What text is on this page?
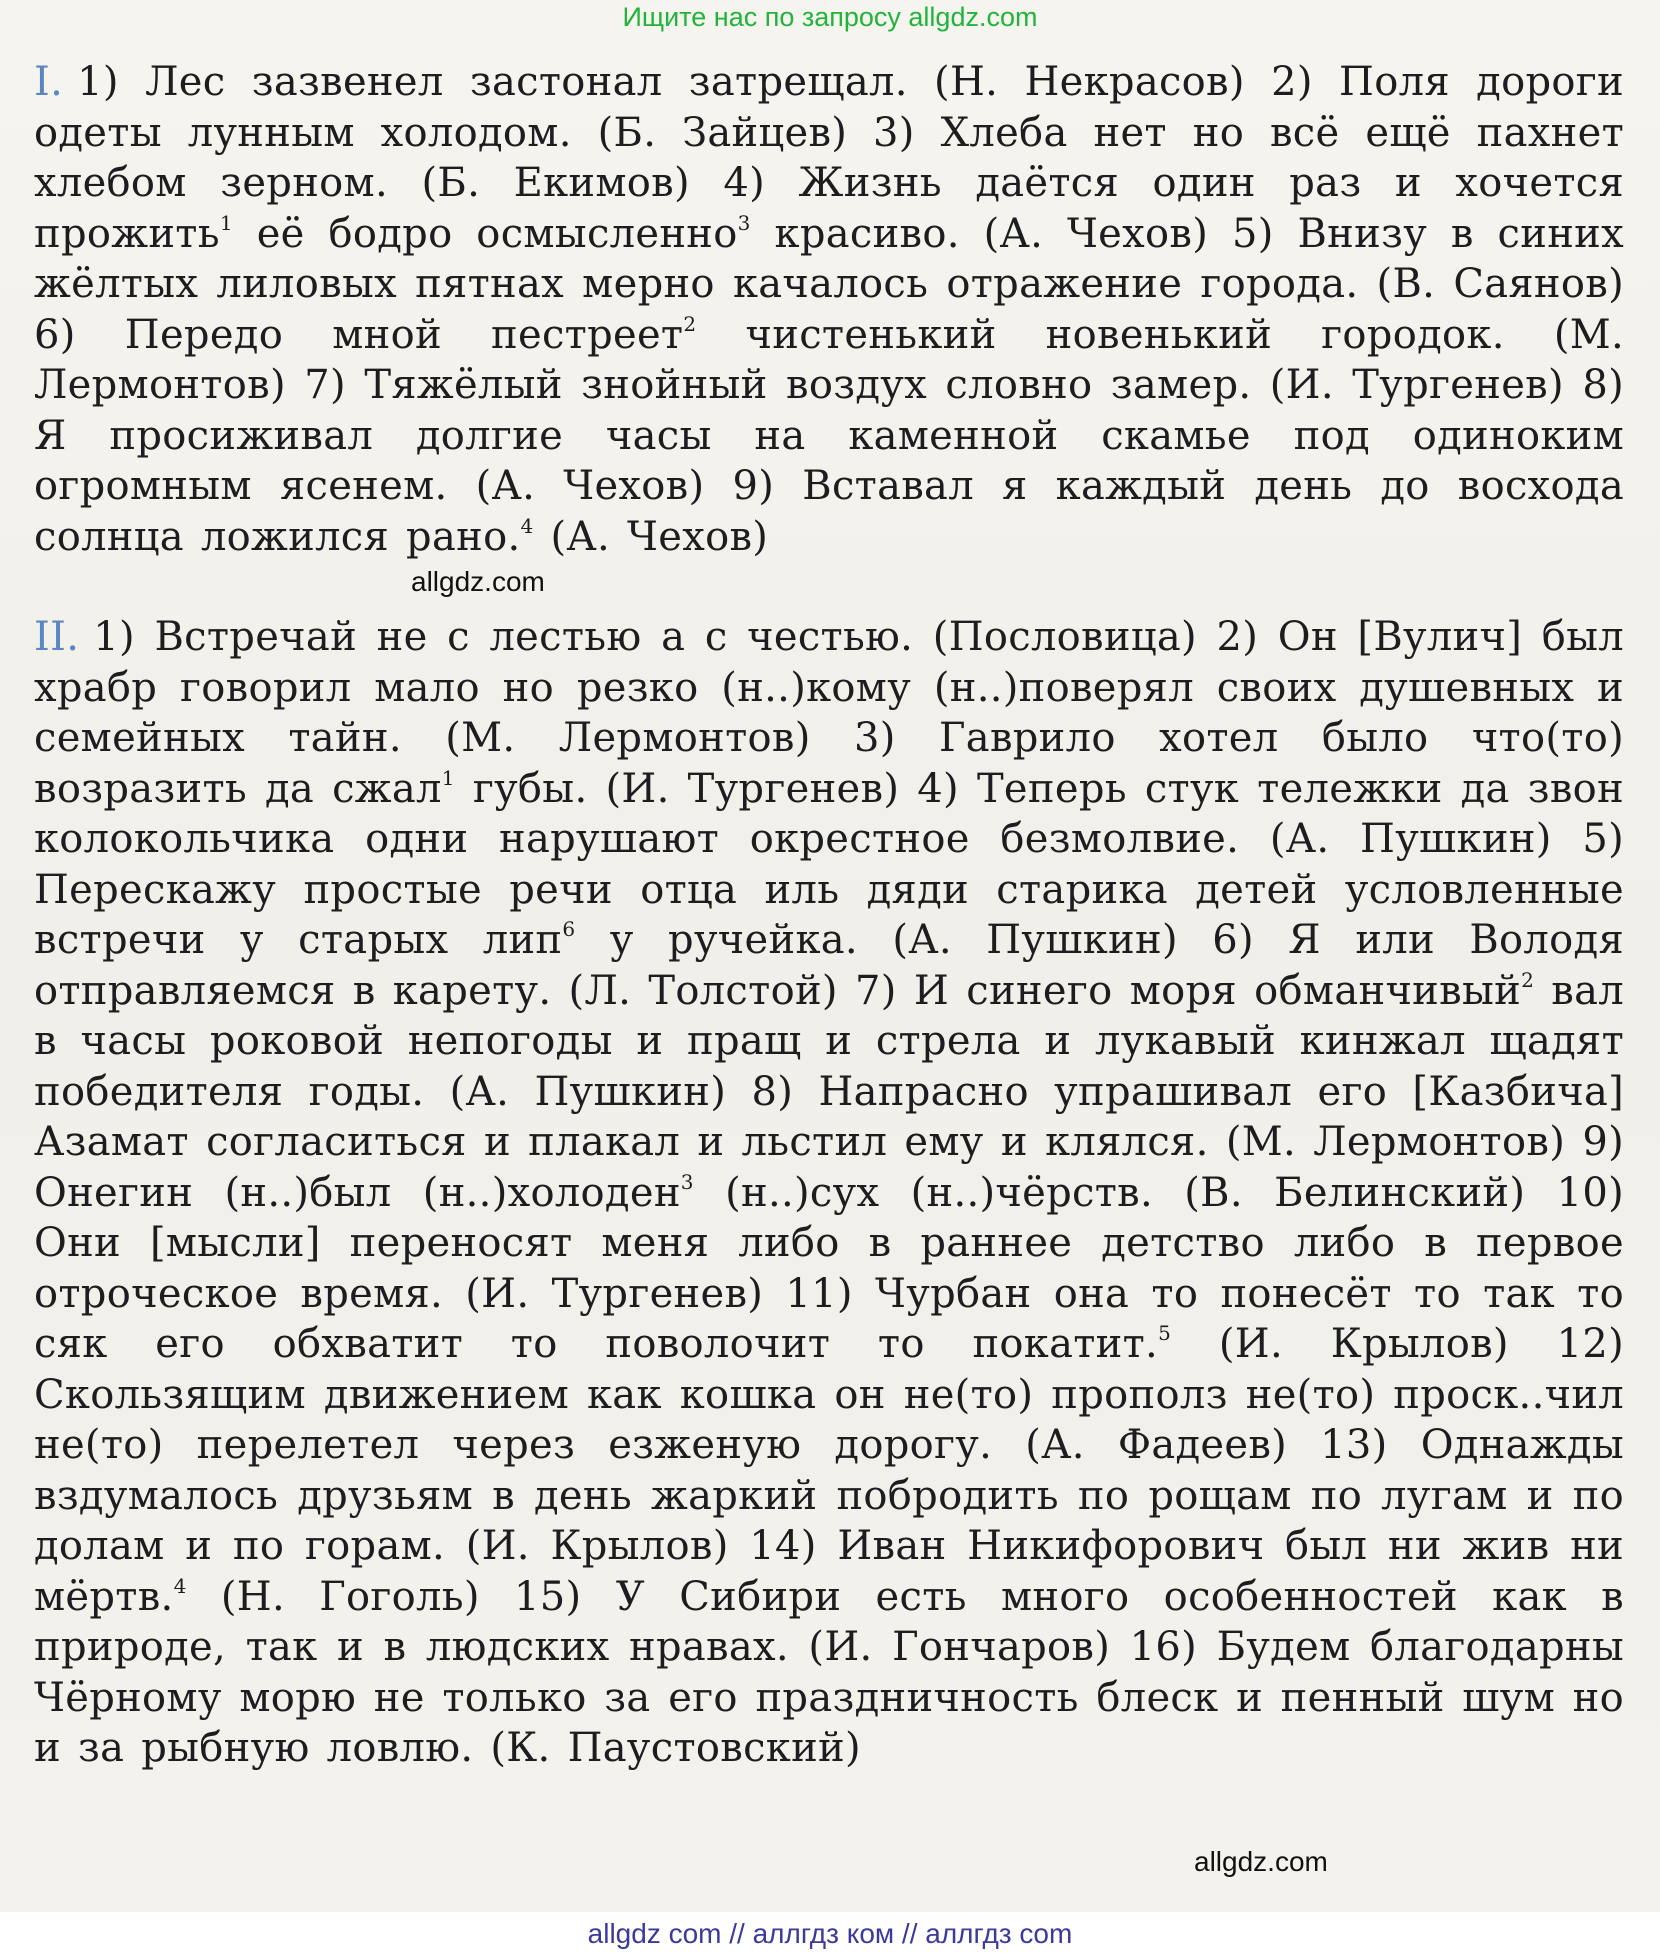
Ищите нас по запросу allgdz.com

I. 1) Лес зазвенел застонал затрещал. (Н. Некрасов) 2) Поля дороги одеты лунным холодом. (Б. Зайцев) 3) Хлеба нет но всё ещё пахнет хлебом зерном. (Б. Екимов) 4) Жизнь даётся один раз и хочется прожить$^1$ её бодро осмысленно$^3$ красиво. (А. Чехов) 5) Внизу в синих жёлтых лиловых пятнах мерно качалось отражение города. (В. Саянов) 6) Передо мной пестреет$^2$ чистенький новенький городок. (М. Лермонтов) 7) Тяжёлый знойный воздух словно замер. (И. Тургенев) 8) Я просиживал долгие часы на каменной скамье под одиноким огромным ясенем. (А. Чехов) 9) Вставал я каждый день до восхода солнца ложился рано.$^4$ (А. Чехов)

allgdz.com

II. 1) Встречай не с лестью а с честью. (Пословица) 2) Он [Вулич] был храбр говорил мало но резко (н..)кому (н..)поверял своих душевных и семейных тайн. (М. Лермонтов) 3) Гаврило хотел было что(то) возразить да сжал$^1$ губы. (И. Тургенев) 4) Теперь стук тележки да звон колокольчика одни нарушают окрестное безмолвие. (А. Пушкин) 5) Перескажу простые речи отца иль дяди старика детей условленные встречи у старых лип$^6$ у ручейка. (А. Пушкин) 6) Я или Володя отправляемся в карету. (Л. Толстой) 7) И синего моря обманчивый$^2$ вал в часы роковой непогоды и пращ и стрела и лукавый кинжал щадят победителя годы. (А. Пушкин) 8) Напрасно упрашивал его [Казбича] Азамат согласиться и плакал и льстил ему и клялся. (М. Лермонтов) 9) Онегин (н..)был (н..)холоден$^3$ (н..)сух (н..)чёрств. (В. Белинский) 10) Они [мысли] переносят меня либо в раннее детство либо в первое отроческое время. (И. Тургенев) 11) Чурбан она то понесёт то так то сяк его обхватит то поволочит то покатит.$^5$ (И. Крылов) 12) Скользящим движением как кошка он не(то) прополз не(то) проск..чил не(то) перелетел через езженую дорогу. (А. Фадеев) 13) Однажды вздумалось друзьям в день жаркий побродить по рощам по лугам и по долам и по горам. (И. Крылов) 14) Иван Никифорович был ни жив ни мёртв.$^4$ (Н. Гоголь) 15) У Сибири есть много особенностей как в природе, так и в людских нравах. (И. Гончаров) 16) Будем благодарны Чёрному морю не только за его праздничность блеск и пенный шум но и за рыбную ловлю. (К. Паустовский)

allgdz.com
allgdz com // аллгдз ком // аллгдз com
